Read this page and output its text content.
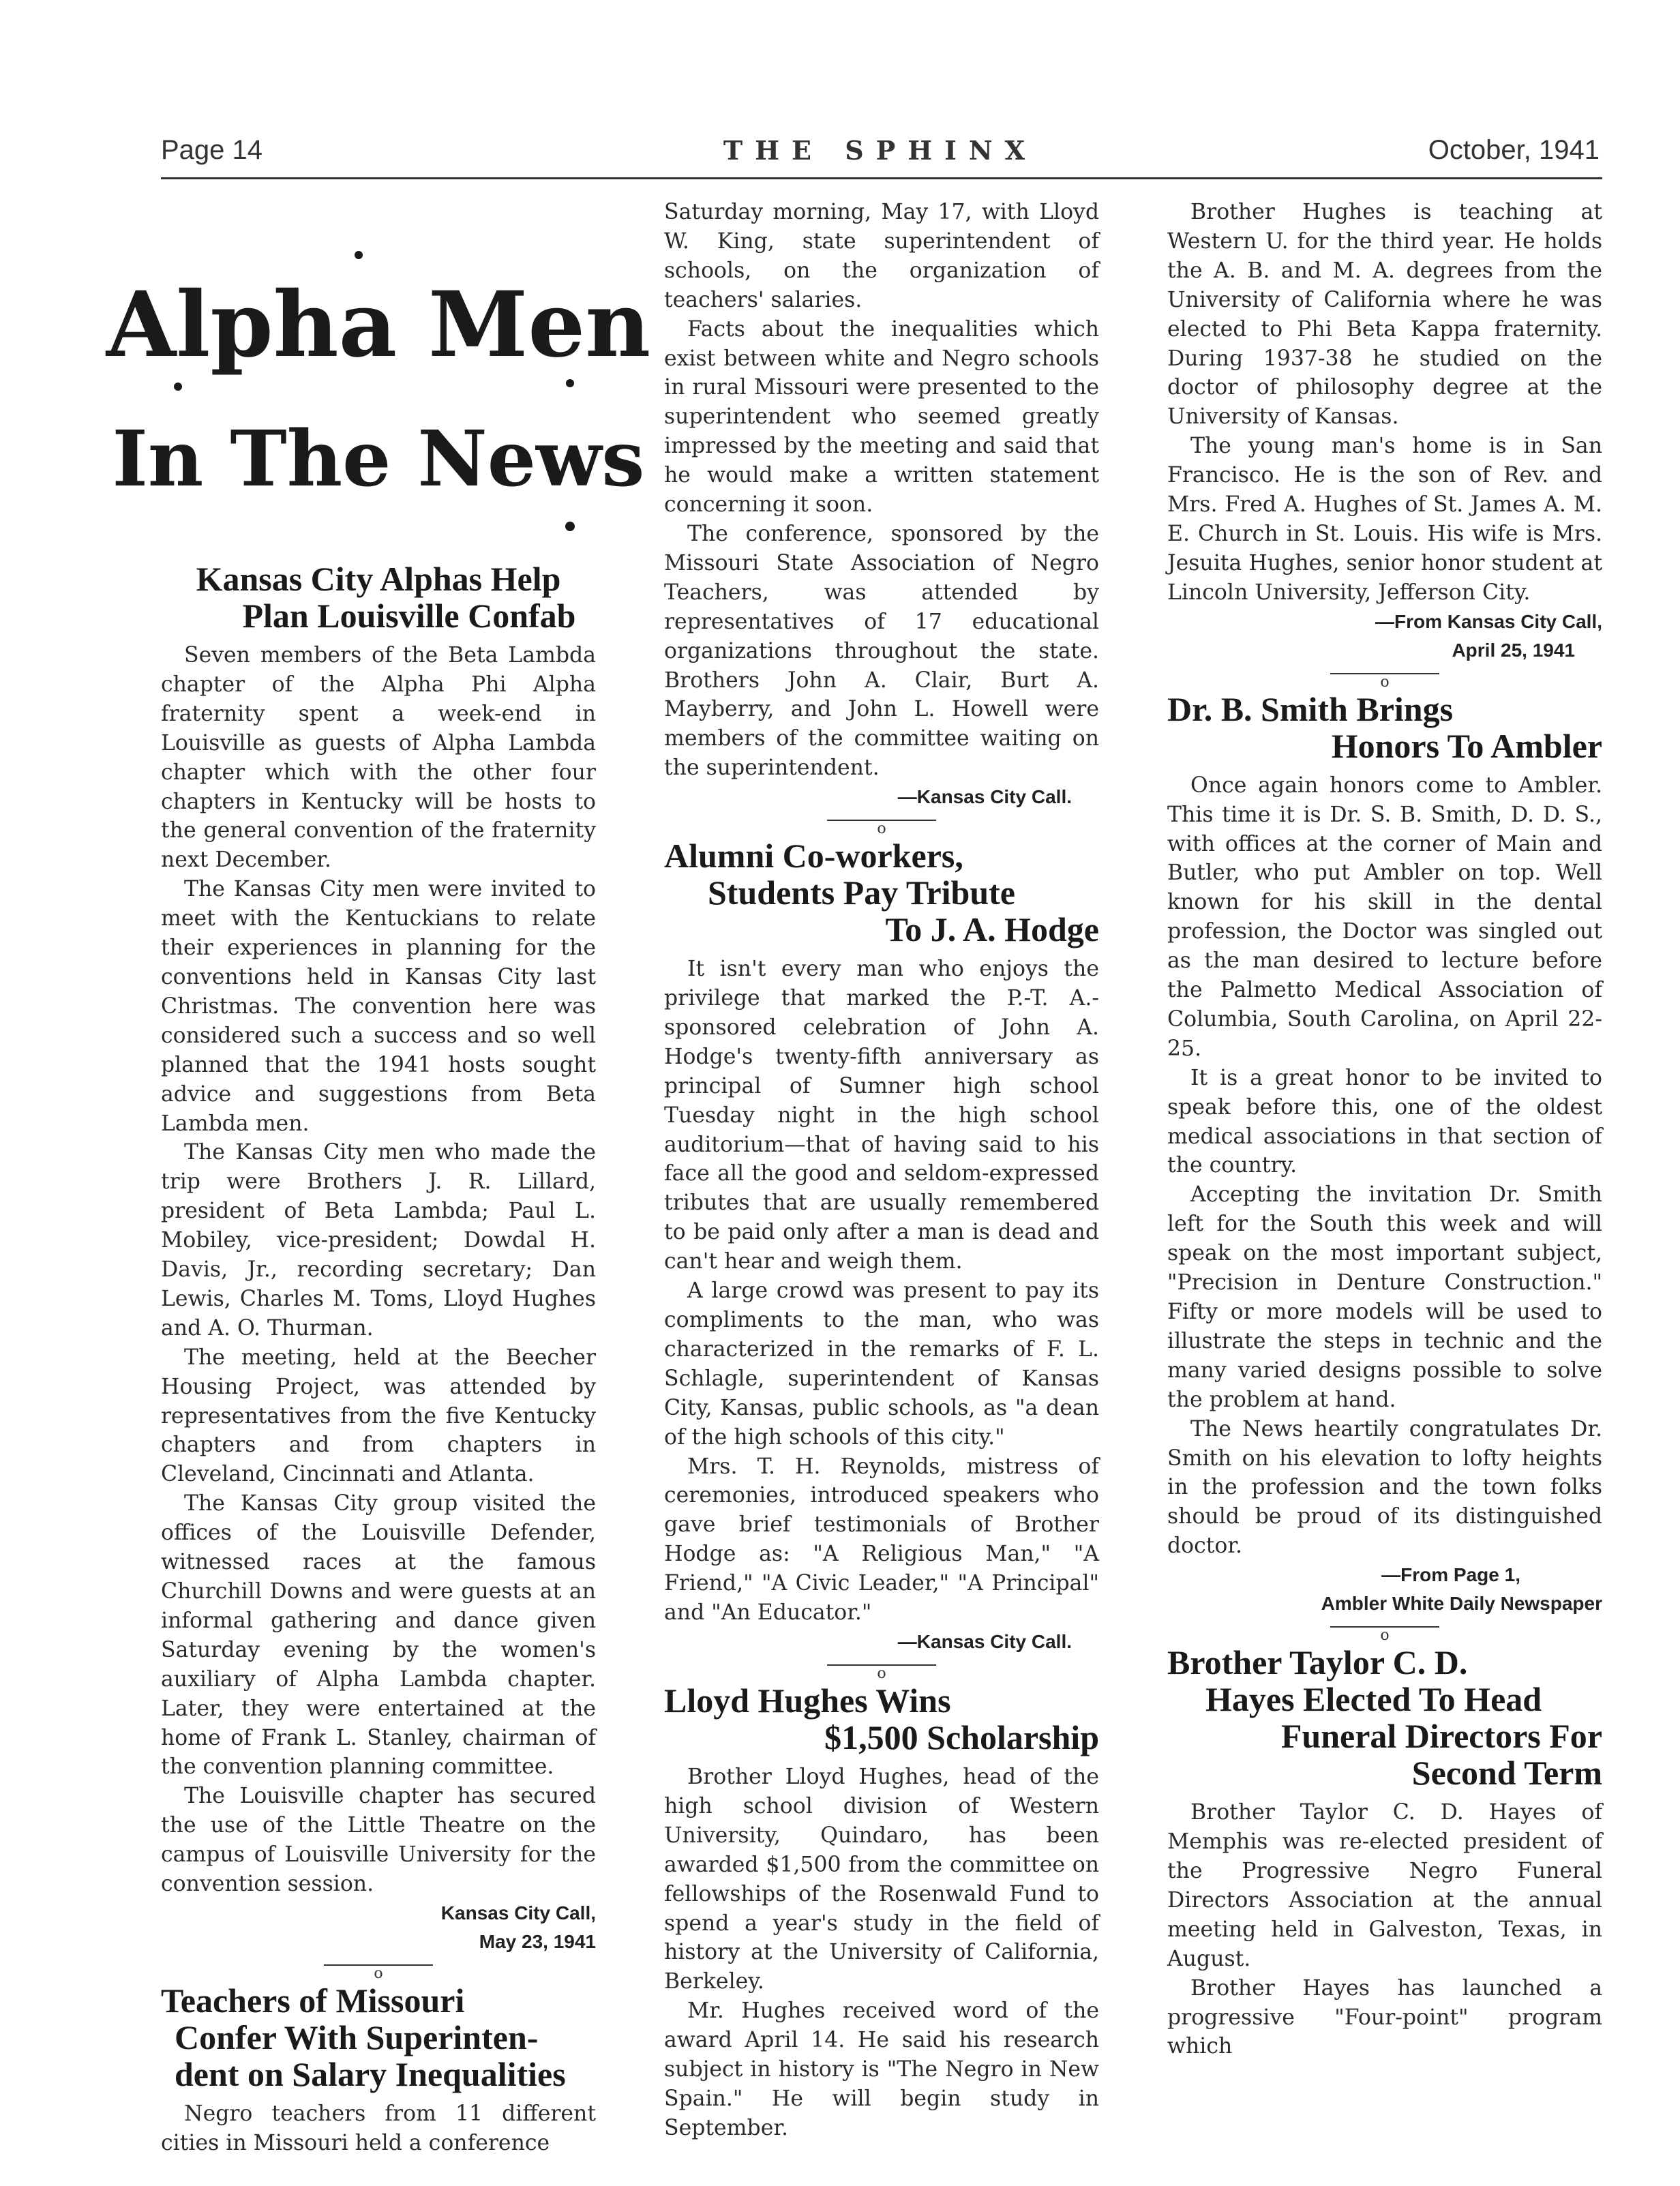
Page 14	THE SPHINX	October, 1941
Alpha Men
In The News
Kansas City Alphas Help
Plan Louisville Confab

Seven members of the Beta Lambda chapter of the Alpha Phi Alpha fraternity spent a week-end in Louisville as guests of Alpha Lambda chapter which with the other four chapters in Kentucky will be hosts to the general convention of the fraternity next December.

The Kansas City men were invited to meet with the Kentuckians to relate their experiences in planning for the conventions held in Kansas City last Christmas. The convention here was considered such a success and so well planned that the 1941 hosts sought advice and suggestions from Beta Lambda men.

The Kansas City men who made the trip were Brothers J. R. Lillard, president of Beta Lambda; Paul L. Mobiley, vice-president; Dowdal H. Davis, Jr., recording secretary; Dan Lewis, Charles M. Toms, Lloyd Hughes and A. O. Thurman.

The meeting, held at the Beecher Housing Project, was attended by representatives from the five Kentucky chapters and from chapters in Cleveland, Cincinnati and Atlanta.

The Kansas City group visited the offices of the Louisville Defender, witnessed races at the famous Churchill Downs and were guests at an informal gathering and dance given Saturday evening by the women's auxiliary of Alpha Lambda chapter. Later, they were entertained at the home of Frank L. Stanley, chairman of the convention planning committee.

The Louisville chapter has secured the use of the Little Theatre on the campus of Louisville University for the convention session.

Kansas City Call,
May 23, 1941
o
Teachers of Missouri
Confer With Superinten-
dent on Salary Inequalities

Negro teachers from 11 different cities in Missouri held a conference

Saturday morning, May 17, with Lloyd W. King, state superintendent of schools, on the organization of teachers' salaries.

Facts about the inequalities which exist between white and Negro schools in rural Missouri were presented to the superintendent who seemed greatly impressed by the meeting and said that he would make a written statement concerning it soon.

The conference, sponsored by the Missouri State Association of Negro Teachers, was attended by representatives of 17 educational organizations throughout the state. Brothers John A. Clair, Burt A. Mayberry, and John L. Howell were members of the committee waiting on the superintendent.

—Kansas City Call.
o
Alumni Co-workers,
Students Pay Tribute
To J. A. Hodge

It isn't every man who enjoys the privilege that marked the P.-T. A.-sponsored celebration of John A. Hodge's twenty-fifth anniversary as principal of Sumner high school Tuesday night in the high school auditorium—that of having said to his face all the good and seldom-expressed tributes that are usually remembered to be paid only after a man is dead and can't hear and weigh them.

A large crowd was present to pay its compliments to the man, who was characterized in the remarks of F. L. Schlagle, superintendent of Kansas City, Kansas, public schools, as "a dean of the high schools of this city."

Mrs. T. H. Reynolds, mistress of ceremonies, introduced speakers who gave brief testimonials of Brother Hodge as: "A Religious Man," "A Friend," "A Civic Leader," "A Principal" and "An Educator."

—Kansas City Call.
o
Lloyd Hughes Wins
$1,500 Scholarship

Brother Lloyd Hughes, head of the high school division of Western University, Quindaro, has been awarded $1,500 from the committee on fellowships of the Rosenwald Fund to spend a year's study in the field of history at the University of California, Berkeley.

Mr. Hughes received word of the award April 14. He said his research subject in history is "The Negro in New Spain." He will begin study in September.

Brother Hughes is teaching at Western U. for the third year. He holds the A. B. and M. A. degrees from the University of California where he was elected to Phi Beta Kappa fraternity. During 1937-38 he studied on the doctor of philosophy degree at the University of Kansas.

The young man's home is in San Francisco. He is the son of Rev. and Mrs. Fred A. Hughes of St. James A. M. E. Church in St. Louis. His wife is Mrs. Jesuita Hughes, senior honor student at Lincoln University, Jefferson City.

—From Kansas City Call,
April 25, 1941
o
Dr. B. Smith Brings
Honors To Ambler

Once again honors come to Ambler. This time it is Dr. S. B. Smith, D. D. S., with offices at the corner of Main and Butler, who put Ambler on top. Well known for his skill in the dental profession, the Doctor was singled out as the man desired to lecture before the Palmetto Medical Association of Columbia, South Carolina, on April 22-25.

It is a great honor to be invited to speak before this, one of the oldest medical associations in that section of the country.

Accepting the invitation Dr. Smith left for the South this week and will speak on the most important subject, "Precision in Denture Construction." Fifty or more models will be used to illustrate the steps in technic and the many varied designs possible to solve the problem at hand.

The News heartily congratulates Dr. Smith on his elevation to lofty heights in the profession and the town folks should be proud of its distinguished doctor.

—From Page 1,
Ambler White Daily Newspaper
o
Brother Taylor C. D.
Hayes Elected To Head
Funeral Directors For
Second Term

Brother Taylor C. D. Hayes of Memphis was re-elected president of the Progressive Negro Funeral Directors Association at the annual meeting held in Galveston, Texas, in August.

Brother Hayes has launched a progressive "Four-point" program which
